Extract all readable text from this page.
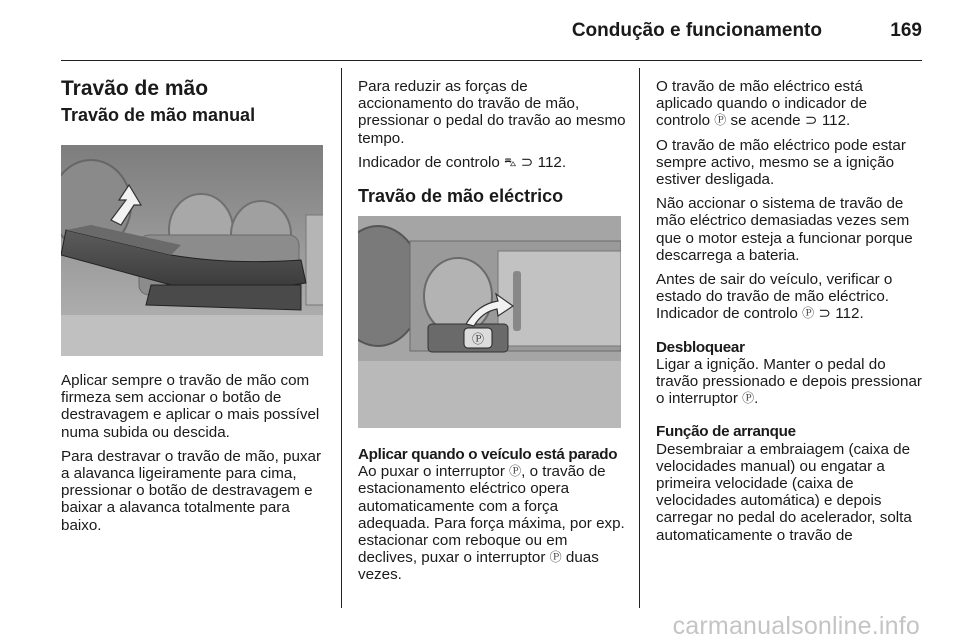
Condução e funcionamento	169
Travão de mão
Travão de mão manual

Aplicar sempre o travão de mão com firmeza sem accionar o botão de destravagem e aplicar o mais possível numa subida ou descida.

Para destravar o travão de mão, puxar a alavanca ligeiramente para cima, pressionar o botão de destravagem e baixar a alavanca totalmente para baixo.

Para reduzir as forças de accionamento do travão de mão, pressionar o pedal do travão ao mesmo tempo.

Indicador de controlo ⛍ ⊃ 112.

Travão de mão eléctrico
Ⓟ
Aplicar quando o veículo está parado

Ao puxar o interruptor Ⓟ, o travão de estacionamento eléctrico opera automaticamente com a força adequada. Para força máxima, por exp. estacionar com reboque ou em declives, puxar o interruptor Ⓟ duas vezes.

O travão de mão eléctrico está aplicado quando o indicador de controlo Ⓟ se acende ⊃ 112.

O travão de mão eléctrico pode estar sempre activo, mesmo se a ignição estiver desligada.

Não accionar o sistema de travão de mão eléctrico demasiadas vezes sem que o motor esteja a funcionar porque descarrega a bateria.

Antes de sair do veículo, verificar o estado do travão de mão eléctrico. Indicador de controlo Ⓟ ⊃ 112.

Desbloquear

Ligar a ignição. Manter o pedal do travão pressionado e depois pressionar o interruptor Ⓟ.

Função de arranque

Desembraiar a embraiagem (caixa de velocidades manual) ou engatar a primeira velocidade (caixa de velocidades automática) e depois carregar no pedal do acelerador, solta automaticamente o travão de

carmanualsonline.info
